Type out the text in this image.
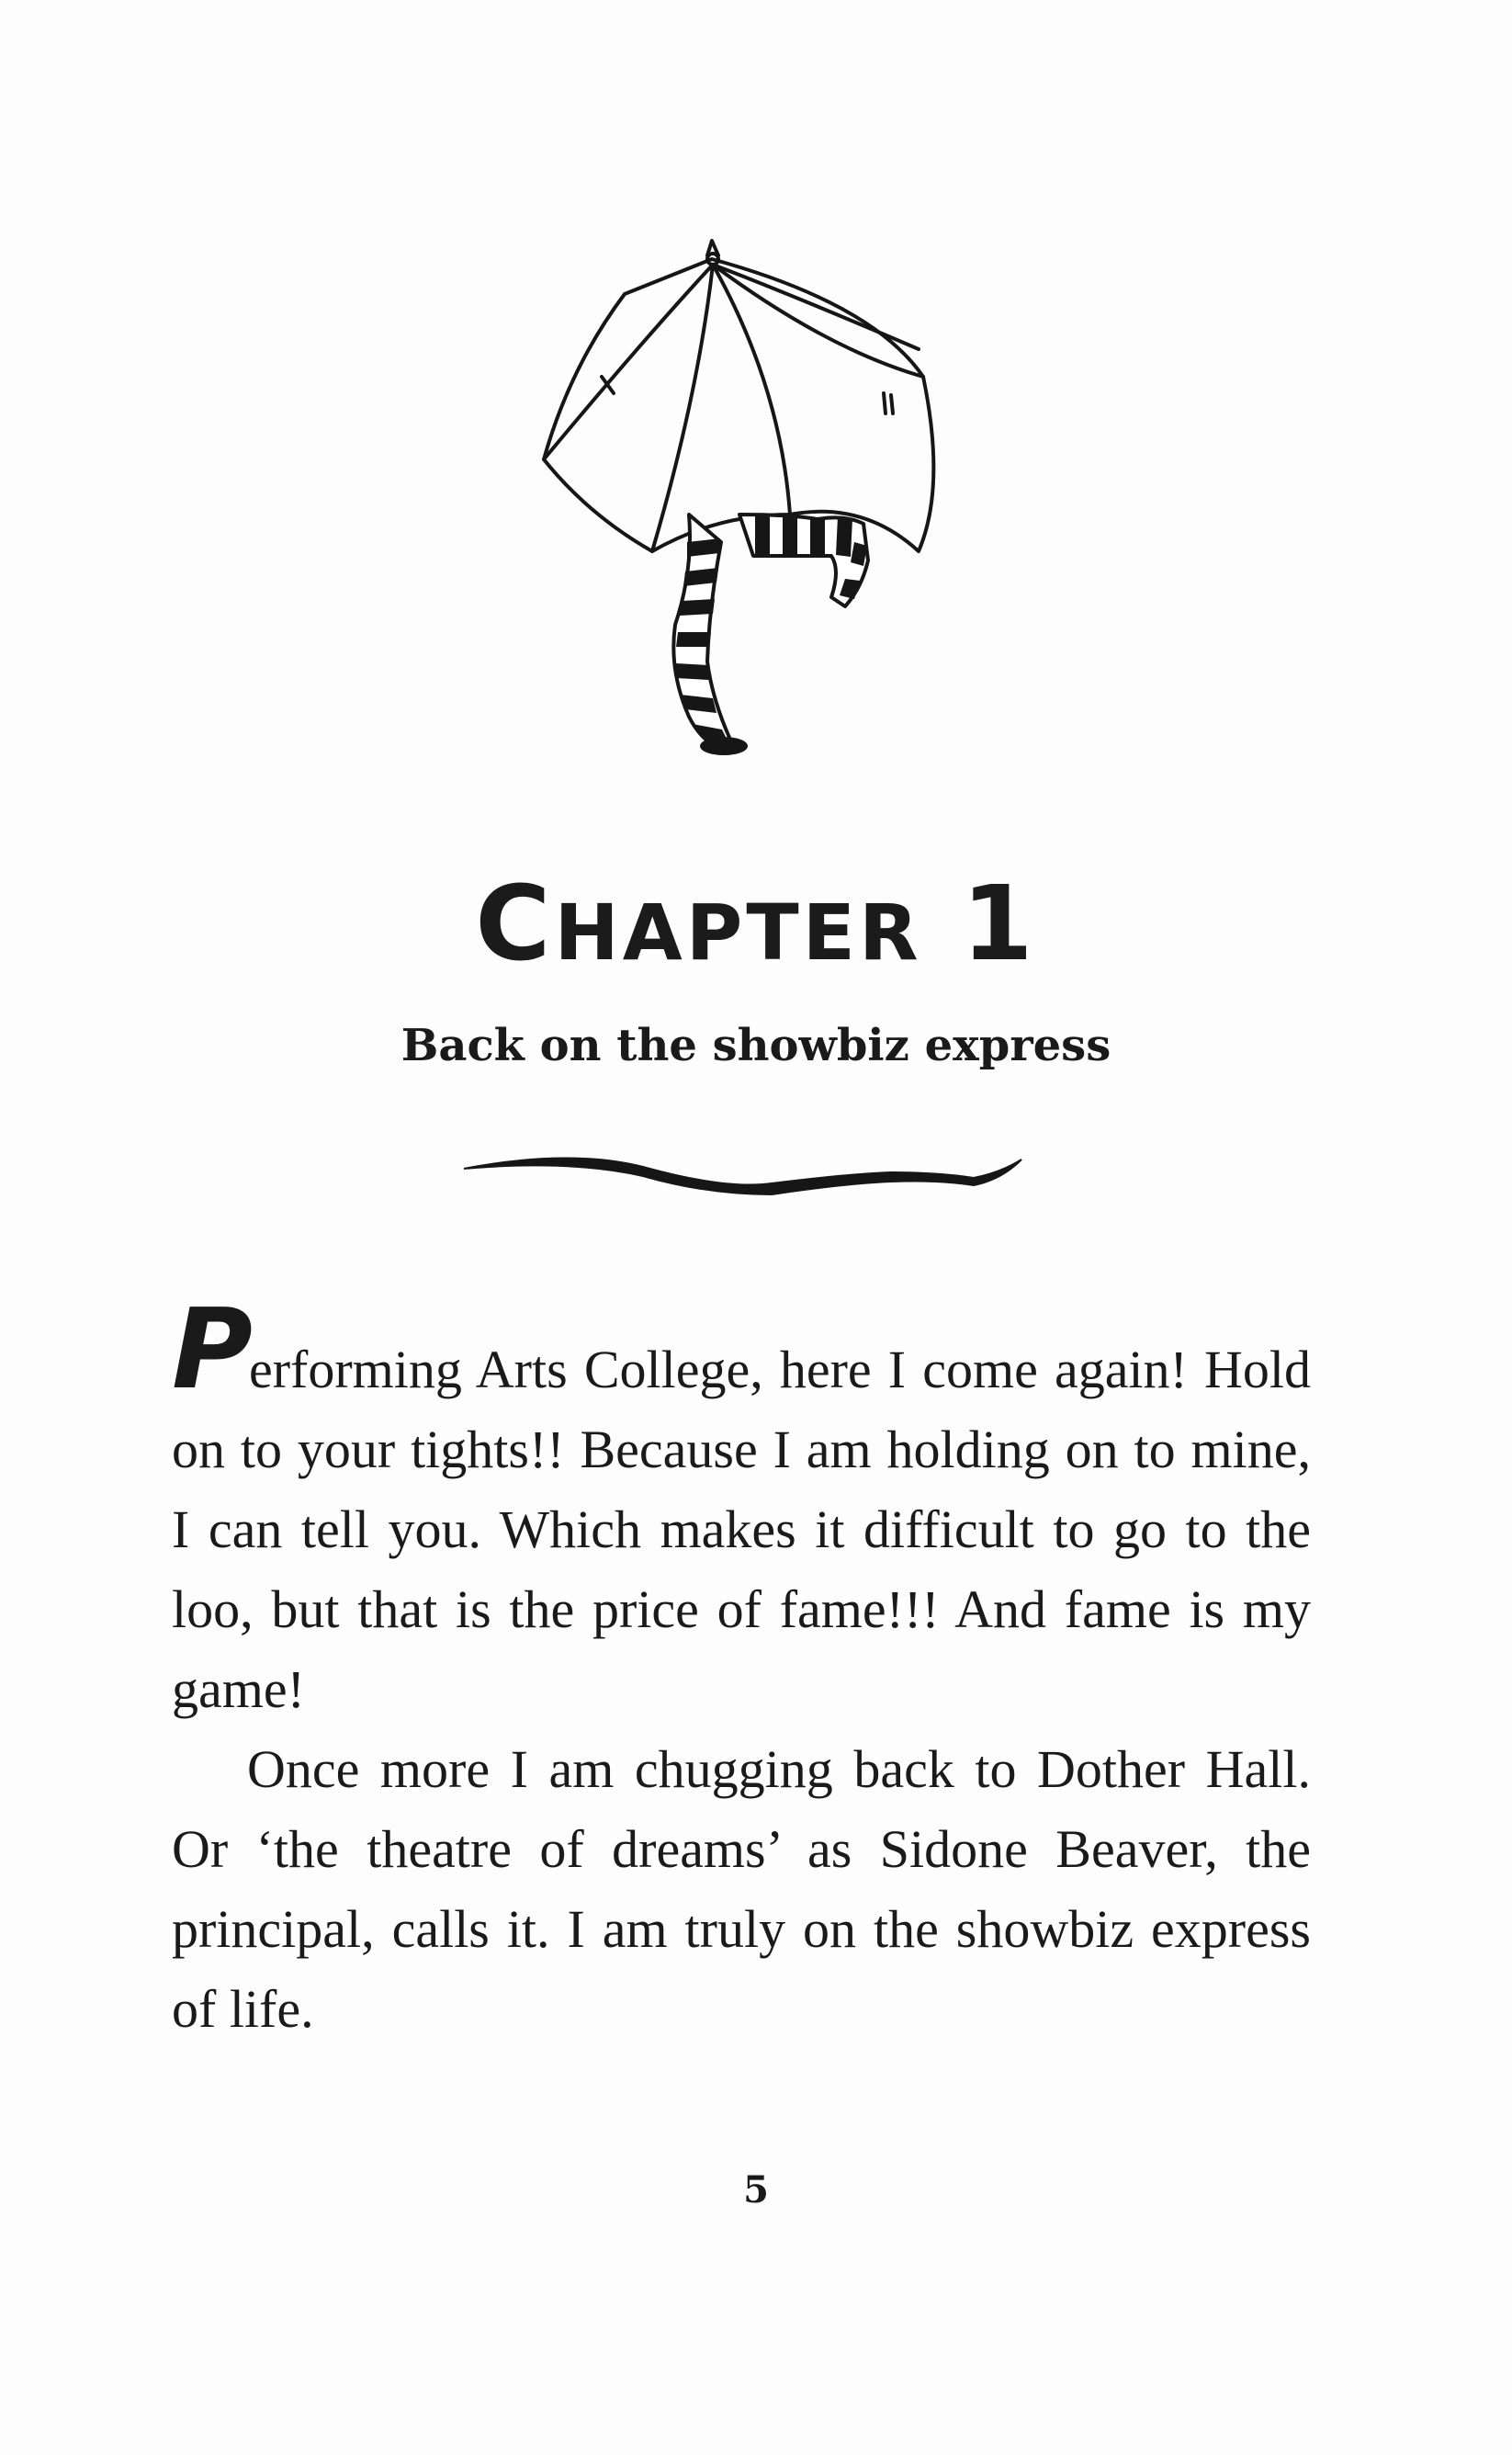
CHAPTER 1
Back on the showbiz express

Performing Arts College, here I come again! Hold on to your tights!! Because I am holding on to mine, I can tell you. Which makes it difficult to go to the loo, but that is the price of fame!!! And fame is my game!

Once more I am chugging back to Dother Hall. Or ‘the theatre of dreams’ as Sidone Beaver, the principal, calls it. I am truly on the showbiz express of life.

5
